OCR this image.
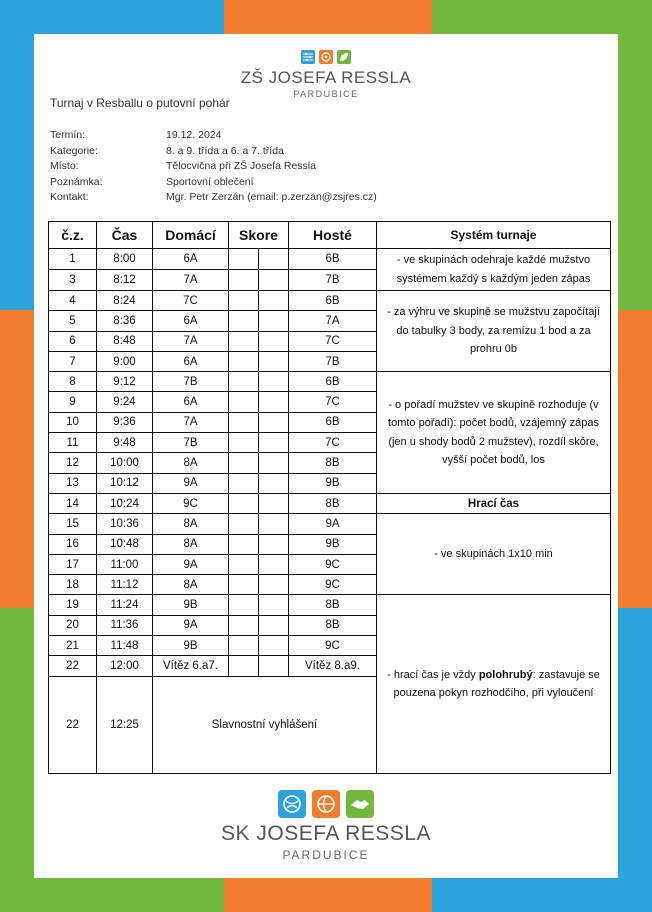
ZŠ JOSEFA RESSLA
PARDUBICE
Turnaj v Resballu o putovní pohár
Termín:	19.12. 2024
Kategorie:	8. a 9. třída a 6. a 7. třída
Místo:	Tělocvična při ZŠ Josefa Ressla
Poznámka:	Sportovní oblečení
Kontakt:	Mgr. Petr Zerzán (email: p.zerzan@zsjres.cz)
č.z.	Čas	Domácí	Skore		Hosté	Systém turnaje
1	8:00	6A			6B	- ve skupinách odehraje každé mužstvo systémem každý s každým jeden zápas
3	8:12	7A			7B	
4	8:24	7C			6B	- za výhru ve skupině se mužstvu započítají do tabulky 3 body, za remízu 1 bod a za prohru 0b
5	8:36	6A			7A	
6	8:48	7A			7C	
7	9:00	6A			7B	
8	9:12	7B			6B	- o pořadí mužstev ve skupině rozhoduje (v tomto pořadí): počet bodů, vzájemný zápas (jen u shody bodů 2 mužstev), rozdíl skóre, vyšší počet bodů, los
9	9:24	6A			7C	
10	9:36	7A			6B	
11	9:48	7B			7C	
12	10:00	8A			8B	
13	10:12	9A			9B	
14	10:24	9C			8B	Hrací čas
15	10:36	8A			9A	- ve skupinách 1x10 min
16	10:48	8A			9B	
17	11:00	9A			9C	
18	11:12	8A			9C	
19	11:24	9B			8B	- hrací čas je vždy polohrubý: zastavuje se pouzena pokyn rozhodčího, při vyloučení
20	11:36	9A			8B	
21	11:48	9B			9C	
22	12:00	Vítěz 6.a7.			Vítěz 8.a9.	
22	12:25	Slavnostní vyhlášení				
SK JOSEFA RESSLA
PARDUBICE
